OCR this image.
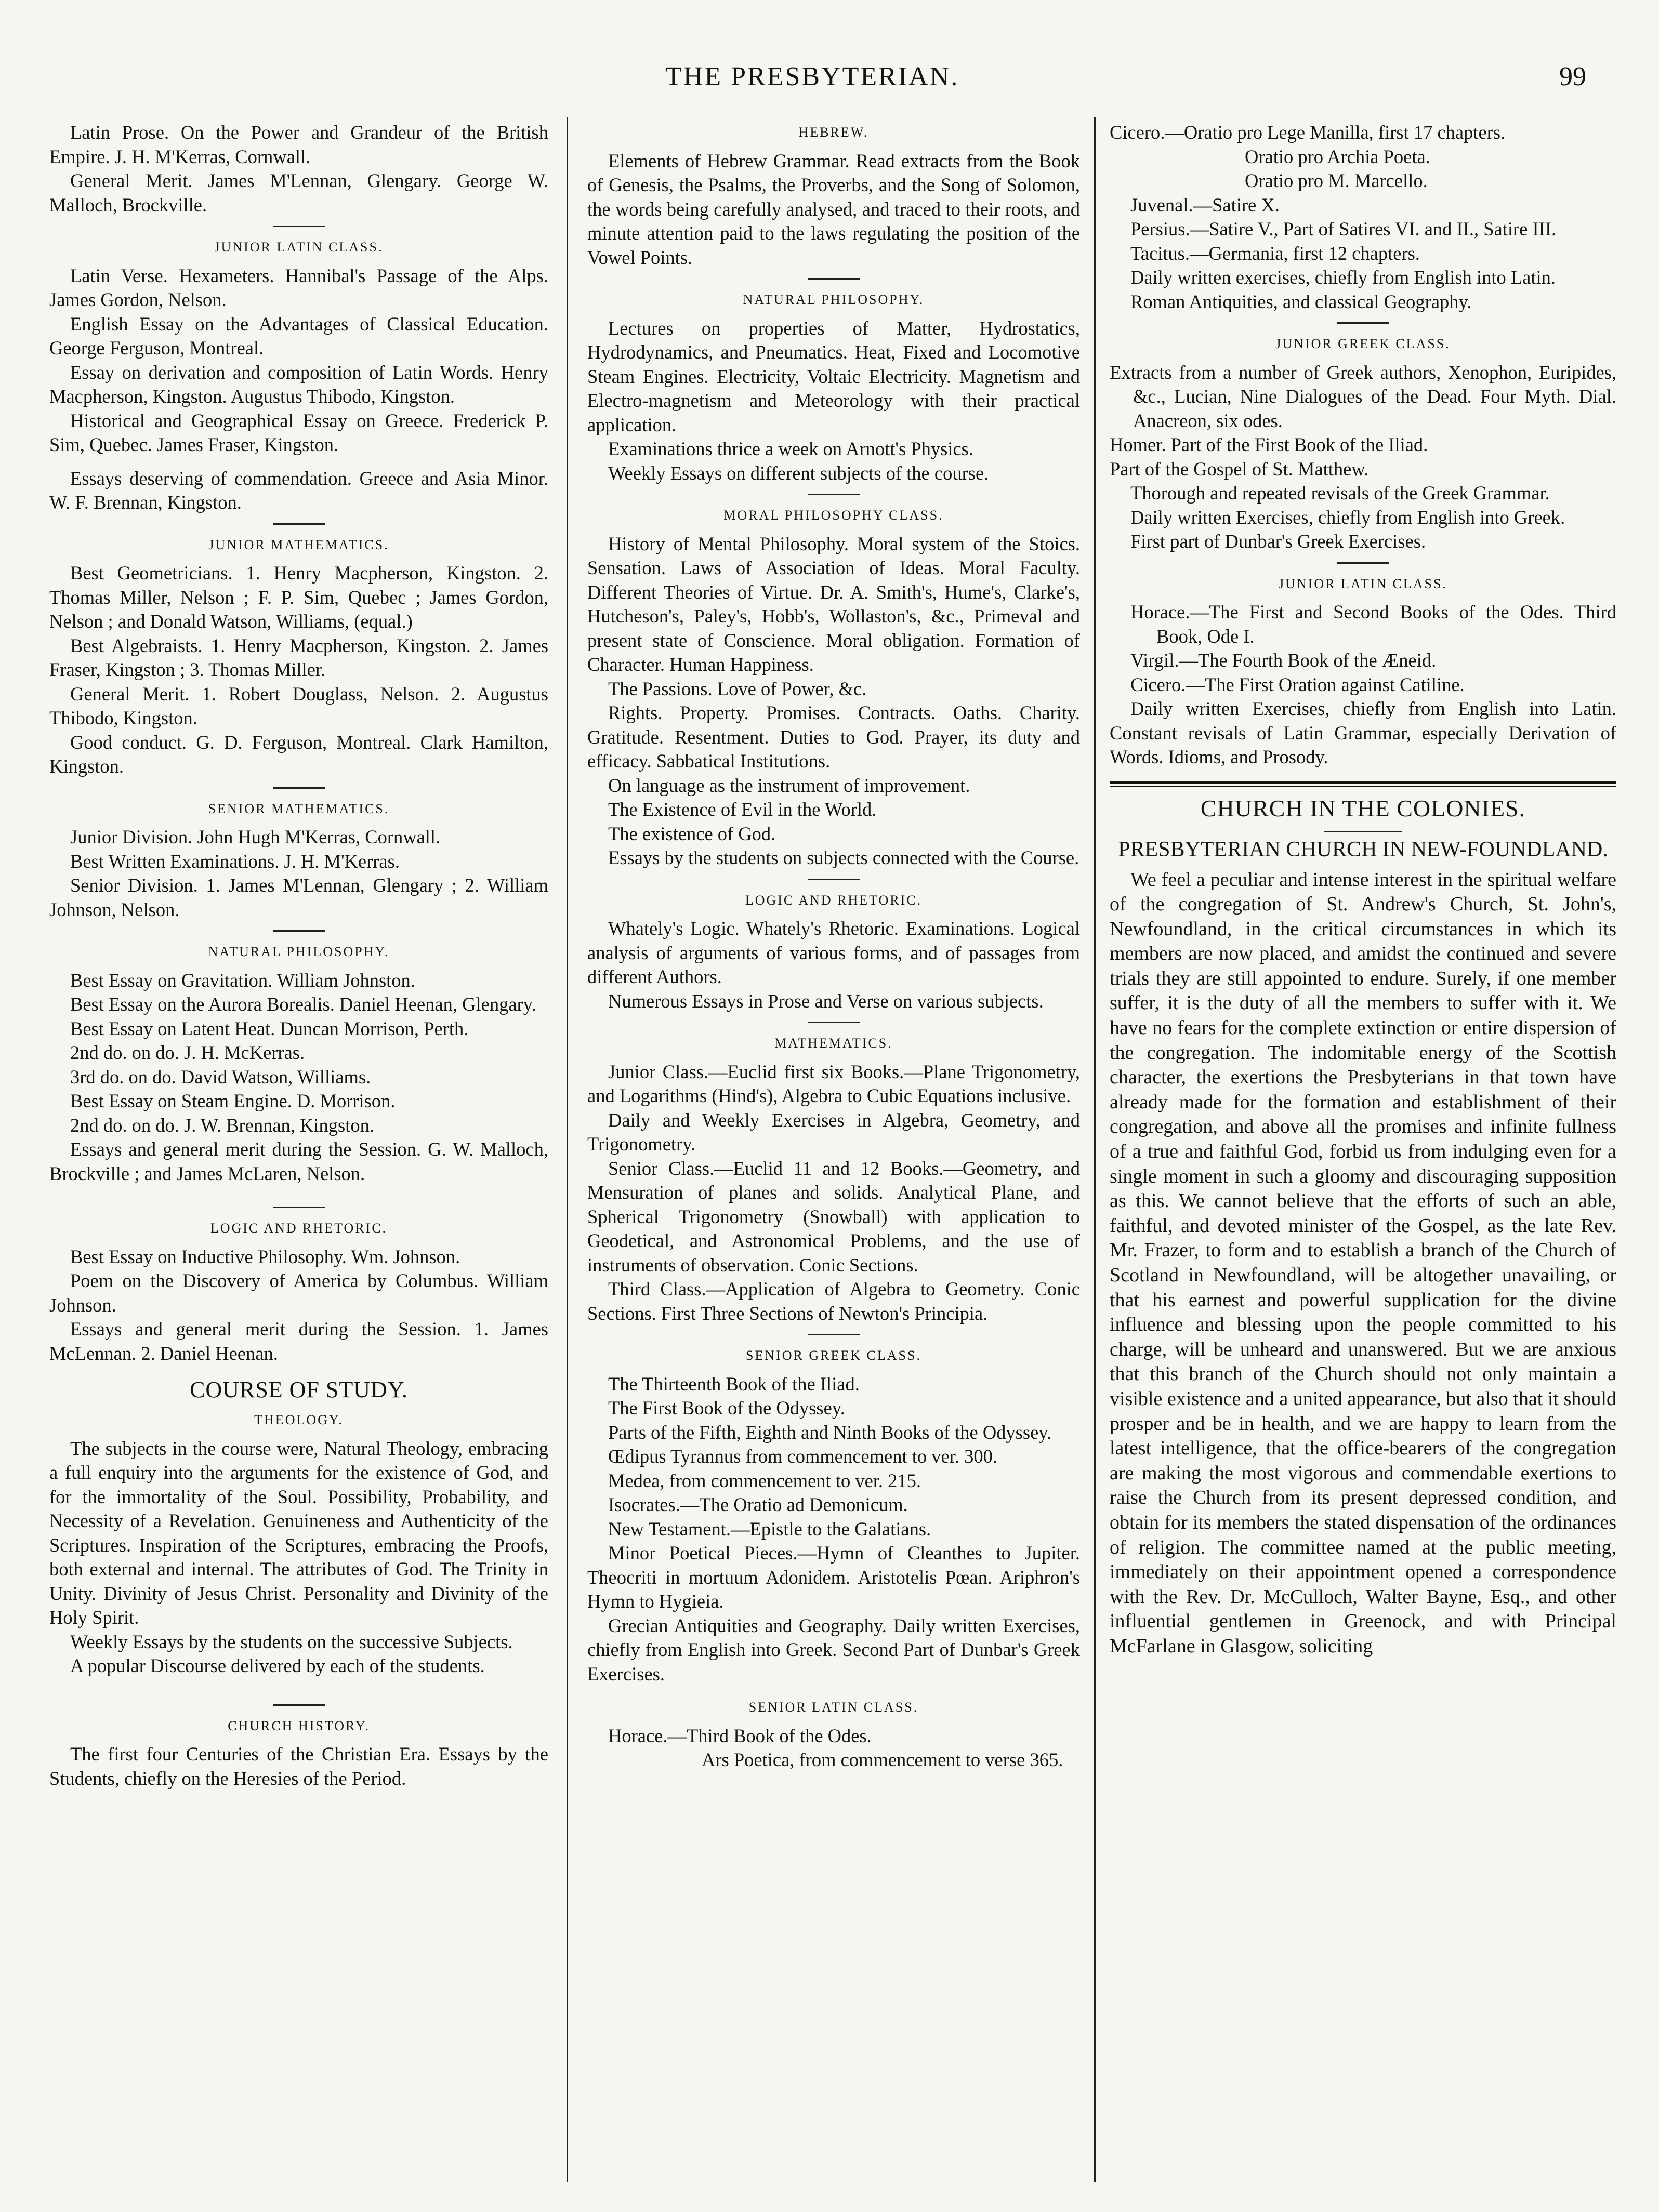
THE PRESBYTERIAN.	99

Latin Prose. On the Power and Grandeur of the British Empire. J. H. M'Kerras, Cornwall.

General Merit. James M'Lennan, Glengary. George W. Malloch, Brockville.

JUNIOR LATIN CLASS.

Latin Verse. Hexameters. Hannibal's Passage of the Alps. James Gordon, Nelson.

English Essay on the Advantages of Classical Education. George Ferguson, Montreal.

Essay on derivation and composition of Latin Words. Henry Macpherson, Kingston. Augustus Thibodo, Kingston.

Historical and Geographical Essay on Greece. Frederick P. Sim, Quebec. James Fraser, Kingston.

Essays deserving of commendation. Greece and Asia Minor. W. F. Brennan, Kingston.

JUNIOR MATHEMATICS.

Best Geometricians. 1. Henry Macpherson, Kingston. 2. Thomas Miller, Nelson ; F. P. Sim, Quebec ; James Gordon, Nelson ; and Donald Watson, Williams, (equal.)

Best Algebraists. 1. Henry Macpherson, Kingston. 2. James Fraser, Kingston ; 3. Thomas Miller.

General Merit. 1. Robert Douglass, Nelson. 2. Augustus Thibodo, Kingston.

Good conduct. G. D. Ferguson, Montreal. Clark Hamilton, Kingston.

SENIOR MATHEMATICS.

Junior Division. John Hugh M'Kerras, Cornwall.

Best Written Examinations. J. H. M'Kerras.

Senior Division. 1. James M'Lennan, Glengary ; 2. William Johnson, Nelson.

NATURAL PHILOSOPHY.

Best Essay on Gravitation. William Johnston.

Best Essay on the Aurora Borealis. Daniel Heenan, Glengary.

Best Essay on Latent Heat. Duncan Morrison, Perth.

2nd do. on do. J. H. McKerras.

3rd do. on do. David Watson, Williams.

Best Essay on Steam Engine. D. Morrison.

2nd do. on do. J. W. Brennan, Kingston.

Essays and general merit during the Session. G. W. Malloch, Brockville ; and James McLaren, Nelson.

LOGIC AND RHETORIC.

Best Essay on Inductive Philosophy. Wm. Johnson.

Poem on the Discovery of America by Columbus. William Johnson.

Essays and general merit during the Session. 1. James McLennan. 2. Daniel Heenan.

COURSE OF STUDY.
THEOLOGY.

The subjects in the course were, Natural Theology, embracing a full enquiry into the arguments for the existence of God, and for the immortality of the Soul. Possibility, Probability, and Necessity of a Revelation. Genuineness and Authenticity of the Scriptures. Inspiration of the Scriptures, embracing the Proofs, both external and internal. The attributes of God. The Trinity in Unity. Divinity of Jesus Christ. Personality and Divinity of the Holy Spirit.

Weekly Essays by the students on the successive Subjects.

A popular Discourse delivered by each of the students.

CHURCH HISTORY.

The first four Centuries of the Christian Era. Essays by the Students, chiefly on the Heresies of the Period.

HEBREW.

Elements of Hebrew Grammar. Read extracts from the Book of Genesis, the Psalms, the Proverbs, and the Song of Solomon, the words being carefully analysed, and traced to their roots, and minute attention paid to the laws regulating the position of the Vowel Points.

NATURAL PHILOSOPHY.

Lectures on properties of Matter, Hydrostatics, Hydrodynamics, and Pneumatics. Heat, Fixed and Locomotive Steam Engines. Electricity, Voltaic Electricity. Magnetism and Electro-magnetism and Meteorology with their practical application.

Examinations thrice a week on Arnott's Physics.

Weekly Essays on different subjects of the course.

MORAL PHILOSOPHY CLASS.

History of Mental Philosophy. Moral system of the Stoics. Sensation. Laws of Association of Ideas. Moral Faculty. Different Theories of Virtue. Dr. A. Smith's, Hume's, Clarke's, Hutcheson's, Paley's, Hobb's, Wollaston's, &c., Primeval and present state of Conscience. Moral obligation. Formation of Character. Human Happiness.

The Passions. Love of Power, &c.

Rights. Property. Promises. Contracts. Oaths. Charity. Gratitude. Resentment. Duties to God. Prayer, its duty and efficacy. Sabbatical Institutions.

On language as the instrument of improvement.

The Existence of Evil in the World.

The existence of God.

Essays by the students on subjects connected with the Course.

LOGIC AND RHETORIC.

Whately's Logic. Whately's Rhetoric. Examinations. Logical analysis of arguments of various forms, and of passages from different Authors.

Numerous Essays in Prose and Verse on various subjects.

MATHEMATICS.

Junior Class.—Euclid first six Books.—Plane Trigonometry, and Logarithms (Hind's), Algebra to Cubic Equations inclusive.

Daily and Weekly Exercises in Algebra, Geometry, and Trigonometry.

Senior Class.—Euclid 11 and 12 Books.—Geometry, and Mensuration of planes and solids. Analytical Plane, and Spherical Trigonometry (Snowball) with application to Geodetical, and Astronomical Problems, and the use of instruments of observation. Conic Sections.

Third Class.—Application of Algebra to Geometry. Conic Sections. First Three Sections of Newton's Principia.

SENIOR GREEK CLASS.

The Thirteenth Book of the Iliad.

The First Book of the Odyssey.

Parts of the Fifth, Eighth and Ninth Books of the Odyssey.

Œdipus Tyrannus from commencement to ver. 300.

Medea, from commencement to ver. 215.

Isocrates.—The Oratio ad Demonicum.

New Testament.—Epistle to the Galatians.

Minor Poetical Pieces.—Hymn of Cleanthes to Jupiter. Theocriti in mortuum Adonidem. Aristotelis Pœan. Ariphron's Hymn to Hygieia.

Grecian Antiquities and Geography. Daily written Exercises, chiefly from English into Greek. Second Part of Dunbar's Greek Exercises.

SENIOR LATIN CLASS.

Horace.—Third Book of the Odes.

Ars Poetica, from commencement to verse 365.

Cicero.—Oratio pro Lege Manilla, first 17 chapters.

Oratio pro Archia Poeta.

Oratio pro M. Marcello.

Juvenal.—Satire X.

Persius.—Satire V., Part of Satires VI. and II., Satire III.

Tacitus.—Germania, first 12 chapters.

Daily written exercises, chiefly from English into Latin.

Roman Antiquities, and classical Geography.

JUNIOR GREEK CLASS.

Extracts from a number of Greek authors, Xenophon, Euripides, &c., Lucian, Nine Dialogues of the Dead. Four Myth. Dial. Anacreon, six odes.

Homer. Part of the First Book of the Iliad.

Part of the Gospel of St. Matthew.

Thorough and repeated revisals of the Greek Grammar.

Daily written Exercises, chiefly from English into Greek.

First part of Dunbar's Greek Exercises.

JUNIOR LATIN CLASS.

Horace.—The First and Second Books of the Odes. Third Book, Ode I.

Virgil.—The Fourth Book of the Æneid.

Cicero.—The First Oration against Catiline.

Daily written Exercises, chiefly from English into Latin. Constant revisals of Latin Grammar, especially Derivation of Words. Idioms, and Prosody.

CHURCH IN THE COLONIES.
PRESBYTERIAN CHURCH IN NEW-FOUNDLAND.

We feel a peculiar and intense interest in the spiritual welfare of the congregation of St. Andrew's Church, St. John's, Newfoundland, in the critical circumstances in which its members are now placed, and amidst the continued and severe trials they are still appointed to endure. Surely, if one member suffer, it is the duty of all the members to suffer with it. We have no fears for the complete extinction or entire dispersion of the congregation. The indomitable energy of the Scottish character, the exertions the Presbyterians in that town have already made for the formation and establishment of their congregation, and above all the promises and infinite fullness of a true and faithful God, forbid us from indulging even for a single moment in such a gloomy and discouraging supposition as this. We cannot believe that the efforts of such an able, faithful, and devoted minister of the Gospel, as the late Rev. Mr. Frazer, to form and to establish a branch of the Church of Scotland in Newfoundland, will be altogether unavailing, or that his earnest and powerful supplication for the divine influence and blessing upon the people committed to his charge, will be unheard and unanswered. But we are anxious that this branch of the Church should not only maintain a visible existence and a united appearance, but also that it should prosper and be in health, and we are happy to learn from the latest intelligence, that the office-bearers of the congregation are making the most vigorous and commendable exertions to raise the Church from its present depressed condition, and obtain for its members the stated dispensation of the ordinances of religion. The committee named at the public meeting, immediately on their appointment opened a correspondence with the Rev. Dr. McCulloch, Walter Bayne, Esq., and other influential gentlemen in Greenock, and with Principal McFarlane in Glasgow, soliciting
